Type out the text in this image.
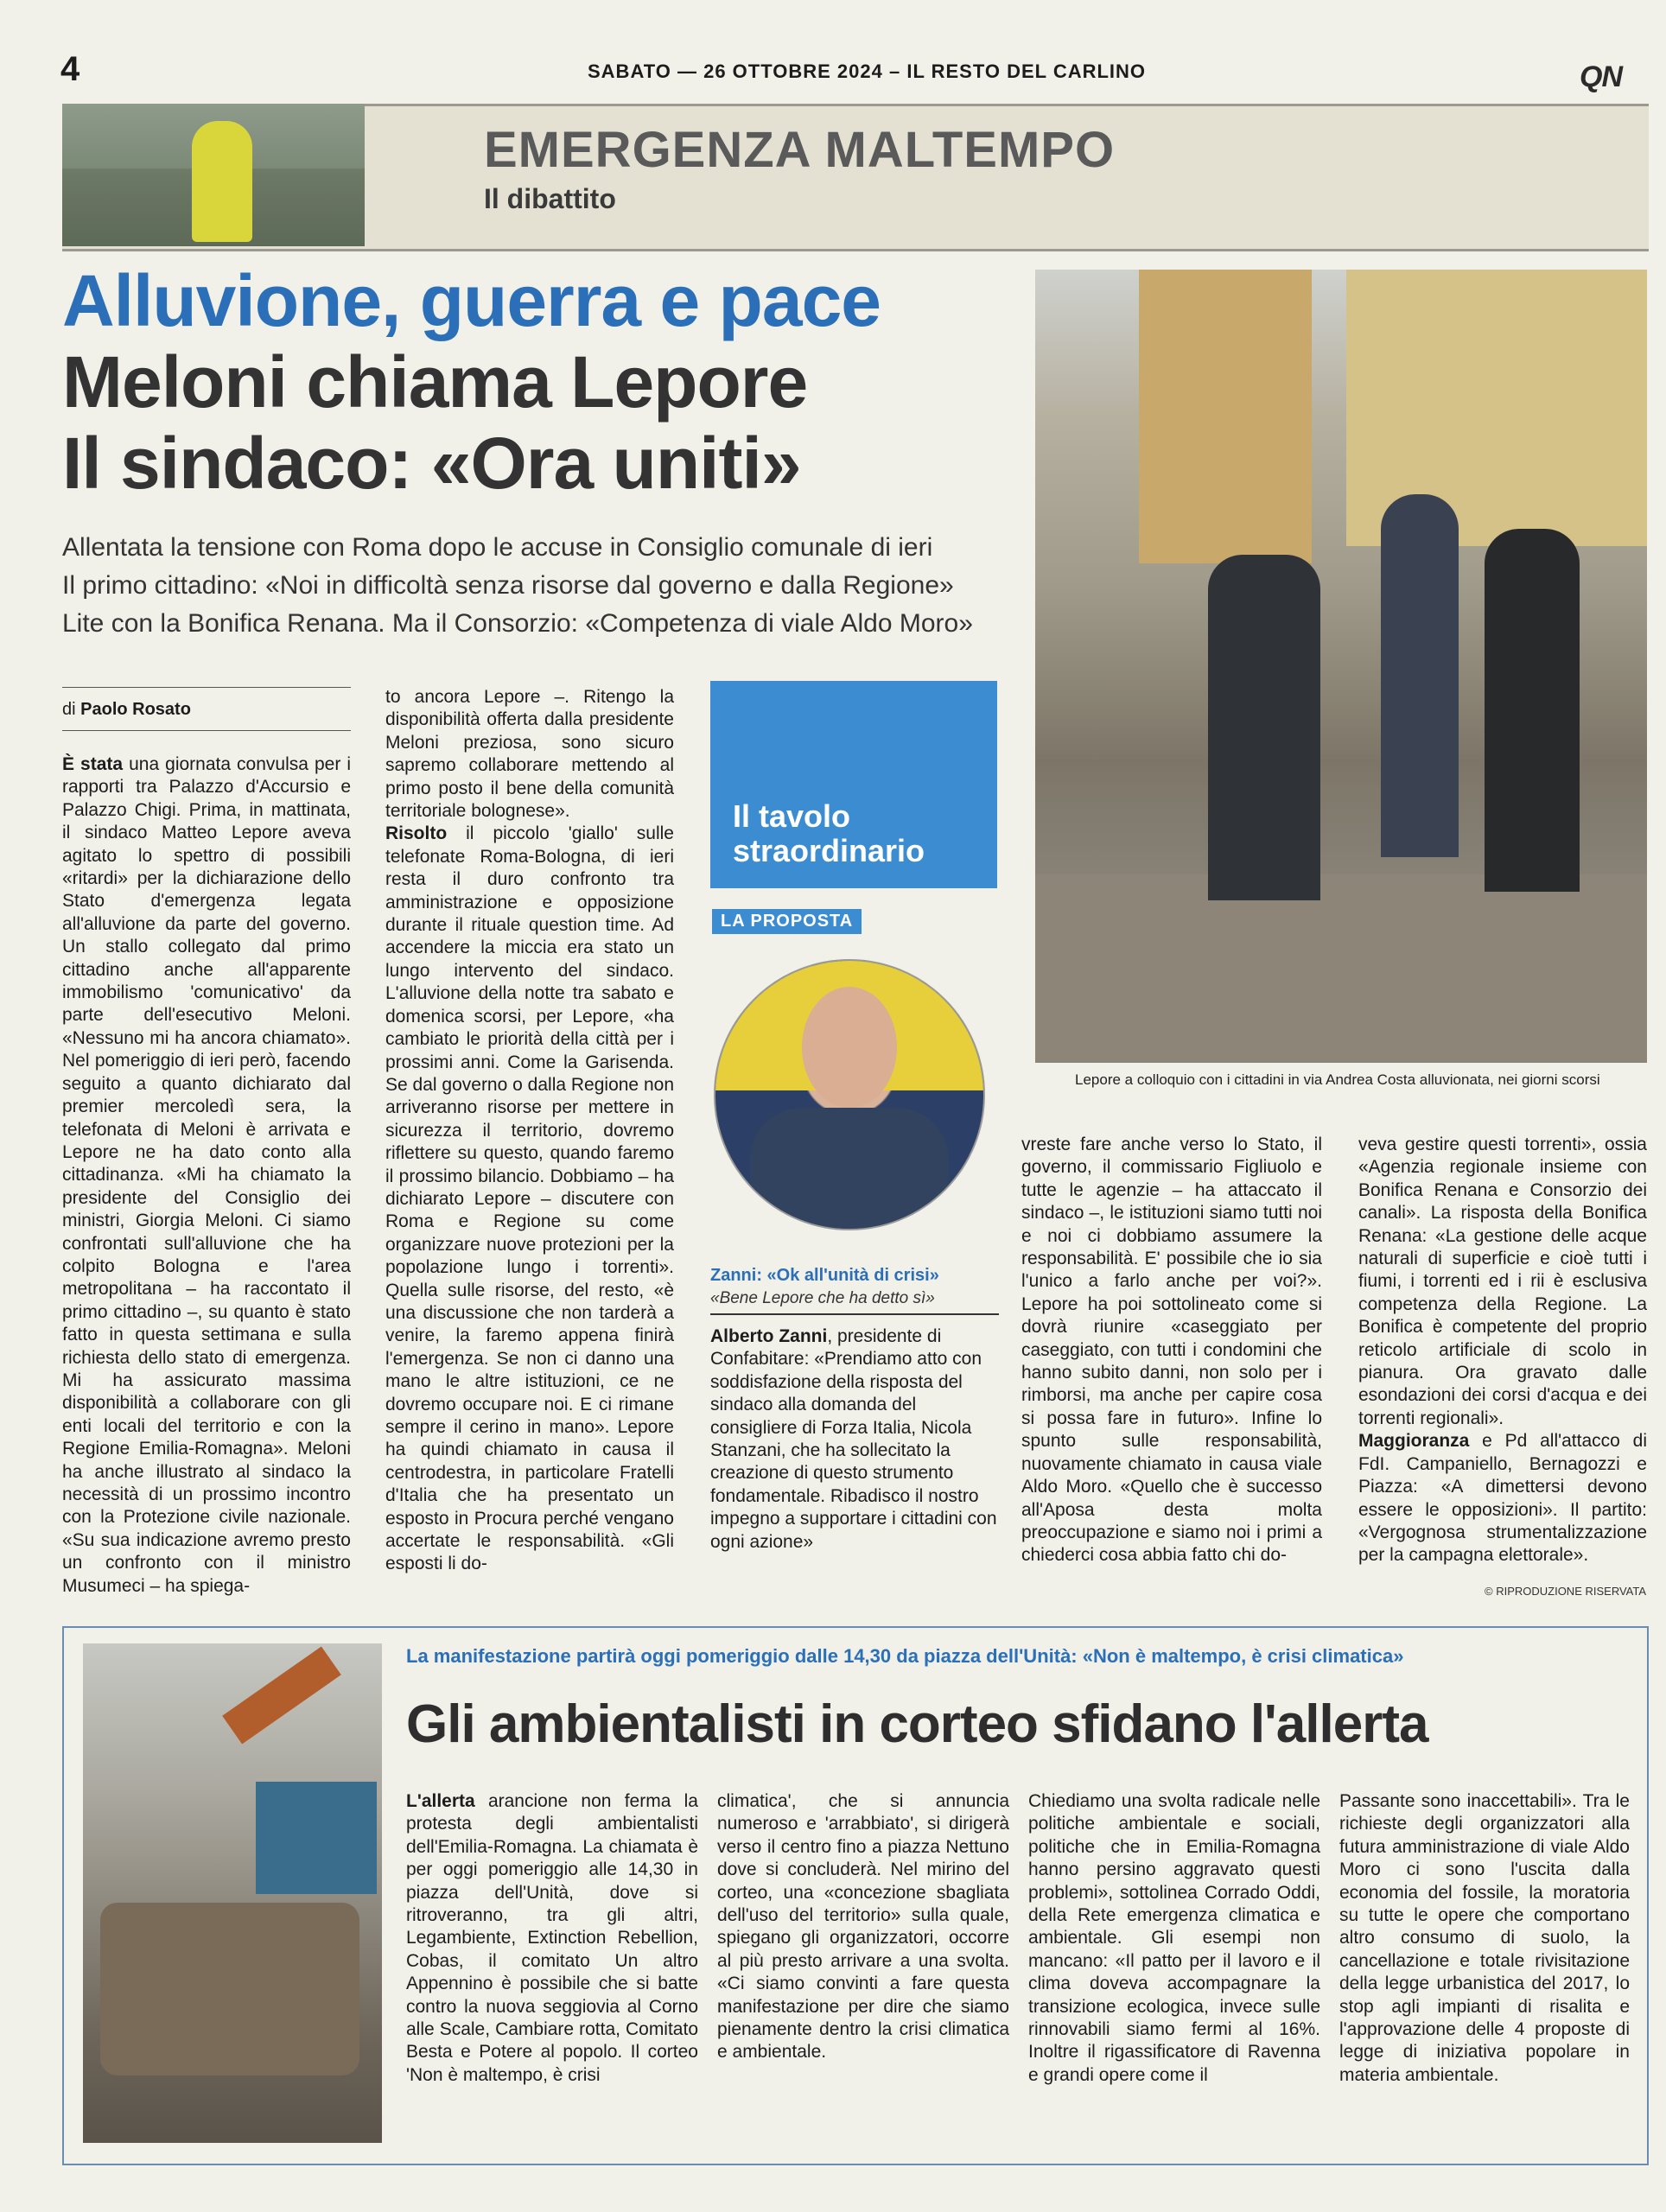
4	SABATO — 26 OTTOBRE 2024 – IL RESTO DEL CARLINO	QN
EMERGENZA MALTEMPO
Il dibattito
Alluvione, guerra e pace
Meloni chiama Lepore
Il sindaco: «Ora uniti»
Allentata la tensione con Roma dopo le accuse in Consiglio comunale di ieri
Il primo cittadino: «Noi in difficoltà senza risorse dal governo e dalla Regione»
Lite con la Bonifica Renana. Ma il Consorzio: «Competenza di viale Aldo Moro»
Lepore a colloquio con i cittadini in via Andrea Costa alluvionata, nei giorni scorsi
di Paolo Rosato

È stata una giornata convulsa per i rapporti tra Palazzo d'Accursio e Palazzo Chigi. Prima, in mattinata, il sindaco Matteo Lepore aveva agitato lo spettro di possibili «ritardi» per la dichiarazione dello Stato d'emergenza legata all'alluvione da parte del governo. Un stallo collegato dal primo cittadino anche all'apparente immobilismo 'comunicativo' da parte dell'esecutivo Meloni. «Nessuno mi ha ancora chiamato». Nel pomeriggio di ieri però, facendo seguito a quanto dichiarato dal premier mercoledì sera, la telefonata di Meloni è arrivata e Lepore ne ha dato conto alla cittadinanza. «Mi ha chiamato la presidente del Consiglio dei ministri, Giorgia Meloni. Ci siamo confrontati sull'alluvione che ha colpito Bologna e l'area metropolitana – ha raccontato il primo cittadino –, su quanto è stato fatto in questa settimana e sulla richiesta dello stato di emergenza. Mi ha assicurato massima disponibilità a collaborare con gli enti locali del territorio e con la Regione Emilia-Romagna». Meloni ha anche illustrato al sindaco la necessità di un prossimo incontro con la Protezione civile nazionale. «Su sua indicazione avremo presto un confronto con il ministro Musumeci – ha spiega-

to ancora Lepore –. Ritengo la disponibilità offerta dalla presidente Meloni preziosa, sono sicuro sapremo collaborare mettendo al primo posto il bene della comunità territoriale bolognese».

Risolto il piccolo 'giallo' sulle telefonate Roma-Bologna, di ieri resta il duro confronto tra amministrazione e opposizione durante il rituale question time. Ad accendere la miccia era stato un lungo intervento del sindaco. L'alluvione della notte tra sabato e domenica scorsi, per Lepore, «ha cambiato le priorità della città per i prossimi anni. Come la Garisenda. Se dal governo o dalla Regione non arriveranno risorse per mettere in sicurezza il territorio, dovremo riflettere su questo, quando faremo il prossimo bilancio. Dobbiamo – ha dichiarato Lepore – discutere con Roma e Regione su come organizzare nuove protezioni per la popolazione lungo i torrenti». Quella sulle risorse, del resto, «è una discussione che non tarderà a venire, la faremo appena finirà l'emergenza. Se non ci danno una mano le altre istituzioni, ce ne dovremo occupare noi. E ci rimane sempre il cerino in mano». Lepore ha quindi chiamato in causa il centrodestra, in particolare Fratelli d'Italia che ha presentato un esposto in Procura perché vengano accertate le responsabilità. «Gli esposti li do-

vreste fare anche verso lo Stato, il governo, il commissario Figliuolo e tutte le agenzie – ha attaccato il sindaco –, le istituzioni siamo tutti noi e noi ci dobbiamo assumere la responsabilità. E' possibile che io sia l'unico a farlo anche per voi?». Lepore ha poi sottolineato come si dovrà riunire «caseggiato per caseggiato, con tutti i condomini che hanno subito danni, non solo per i rimborsi, ma anche per capire cosa si possa fare in futuro». Infine lo spunto sulle responsabilità, nuovamente chiamato in causa viale Aldo Moro. «Quello che è successo all'Aposa desta molta preoccupazione e siamo noi i primi a chiederci cosa abbia fatto chi do-

veva gestire questi torrenti», ossia «Agenzia regionale insieme con Bonifica Renana e Consorzio dei canali». La risposta della Bonifica Renana: «La gestione delle acque naturali di superficie e cioè tutti i fiumi, i torrenti ed i rii è esclusiva competenza della Regione. La Bonifica è competente del proprio reticolo artificiale di scolo in pianura. Ora gravato dalle esondazioni dei corsi d'acqua e dei torrenti regionali».

Maggioranza e Pd all'attacco di FdI. Campaniello, Bernagozzi e Piazza: «A dimettersi devono essere le opposizioni». Il partito: «Vergognosa strumentalizzazione per la campagna elettorale».

© RIPRODUZIONE RISERVATA
Il tavolo
straordinario
LA PROPOSTA
Zanni: «Ok all'unità di crisi»
«Bene Lepore che ha detto sì»

Alberto Zanni, presidente di Confabitare: «Prendiamo atto con soddisfazione della risposta del sindaco alla domanda del consigliere di Forza Italia, Nicola Stanzani, che ha sollecitato la creazione di questo strumento fondamentale. Ribadisco il nostro impegno a supportare i cittadini con ogni azione»

La manifestazione partirà oggi pomeriggio dalle 14,30 da piazza dell'Unità: «Non è maltempo, è crisi climatica»
Gli ambientalisti in corteo sfidano l'allerta

L'allerta arancione non ferma la protesta degli ambientalisti dell'Emilia-Romagna. La chiamata è per oggi pomeriggio alle 14,30 in piazza dell'Unità, dove si ritroveranno, tra gli altri, Legambiente, Extinction Rebellion, Cobas, il comitato Un altro Appennino è possibile che si batte contro la nuova seggiovia al Corno alle Scale, Cambiare rotta, Comitato Besta e Potere al popolo. Il corteo 'Non è maltempo, è crisi

climatica', che si annuncia numeroso e 'arrabbiato', si dirigerà verso il centro fino a piazza Nettuno dove si concluderà. Nel mirino del corteo, una «concezione sbagliata dell'uso del territorio» sulla quale, spiegano gli organizzatori, occorre al più presto arrivare a una svolta. «Ci siamo convinti a fare questa manifestazione per dire che siamo pienamente dentro la crisi climatica e ambientale.

Chiediamo una svolta radicale nelle politiche ambientale e sociali, politiche che in Emilia-Romagna hanno persino aggravato questi problemi», sottolinea Corrado Oddi, della Rete emergenza climatica e ambientale. Gli esempi non mancano: «Il patto per il lavoro e il clima doveva accompagnare la transizione ecologica, invece sulle rinnovabili siamo fermi al 16%. Inoltre il rigassificatore di Ravenna e grandi opere come il

Passante sono inaccettabili». Tra le richieste degli organizzatori alla futura amministrazione di viale Aldo Moro ci sono l'uscita dalla economia del fossile, la moratoria su tutte le opere che comportano altro consumo di suolo, la cancellazione e totale rivisitazione della legge urbanistica del 2017, lo stop agli impianti di risalita e l'approvazione delle 4 proposte di legge di iniziativa popolare in materia ambientale.
